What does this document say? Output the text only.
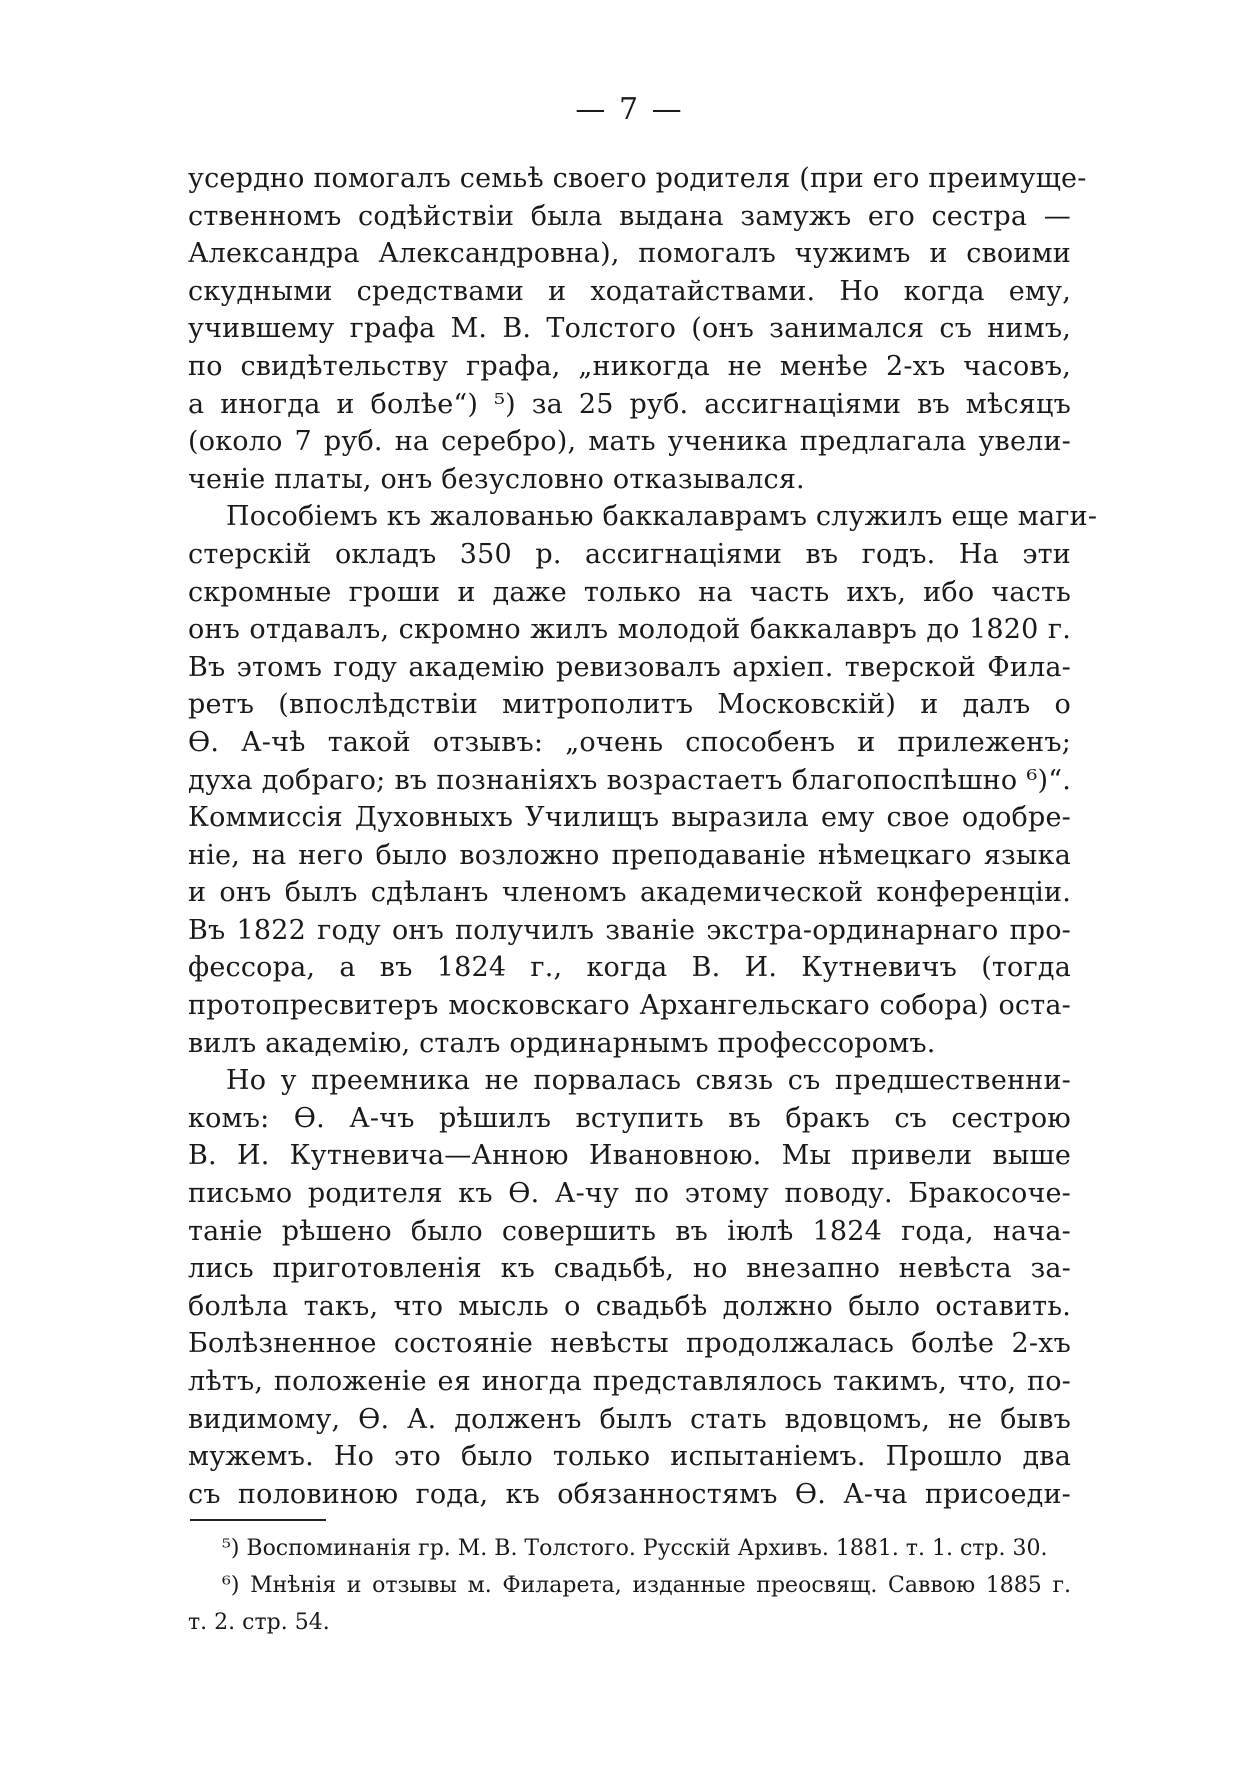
— 7 —
усердно помогалъ семьѣ своего родителя (при его преимуще-
ственномъ содѣйствіи была выдана замужъ его сестра —
Александра Александровна), помогалъ чужимъ и своими
скудными средствами и ходатайствами. Но когда ему,
учившему графа М. В. Толстого (онъ занимался съ нимъ,
по свидѣтельству графа, „никогда не менѣе 2-хъ часовъ,
а иногда и болѣе“) ⁵) за 25 руб. ассигнаціями въ мѣсяцъ
(около 7 руб. на серебро), мать ученика предлагала увели-
ченіе платы, онъ безусловно отказывался.
Пособіемъ къ жалованью баккалаврамъ служилъ еще маги-
стерскій окладъ 350 р. ассигнаціями въ годъ. На эти
скромные гроши и даже только на часть ихъ, ибо часть
онъ отдавалъ, скромно жилъ молодой баккалавръ до 1820 г.
Въ этомъ году академію ревизовалъ архіеп. тверской Фила-
ретъ (впослѣдствіи митрополитъ Московскій) и далъ о
Ѳ. А-чѣ такой отзывъ: „очень способенъ и прилеженъ;
духа добраго; въ познаніяхъ возрастаетъ благопоспѣшно ⁶)“.
Коммиссія Духовныхъ Училищъ выразила ему свое одобре-
ніе, на него было возложно преподаваніе нѣмецкаго языка
и онъ былъ сдѣланъ членомъ академической конференціи.
Въ 1822 году онъ получилъ званіе экстра-ординарнаго про-
фессора, а въ 1824 г., когда В. И. Кутневичъ (тогда
протопресвитеръ московскаго Архангельскаго собора) оста-
вилъ академію, сталъ ординарнымъ профессоромъ.
Но у преемника не порвалась связь съ предшественни-
комъ: Ѳ. А-чъ рѣшилъ вступить въ бракъ съ сестрою
В. И. Кутневича—Анною Ивановною. Мы привели выше
письмо родителя къ Ѳ. А-чу по этому поводу. Бракосоче-
таніе рѣшено было совершить въ іюлѣ 1824 года, нача-
лись приготовленія къ свадьбѣ, но внезапно невѣста за-
болѣла такъ, что мысль о свадьбѣ должно было оставить.
Болѣзненное состояніе невѣсты продолжалась болѣе 2-хъ
лѣтъ, положеніе ея иногда представлялось такимъ, что, по-
видимому, Ѳ. А. долженъ былъ стать вдовцомъ, не бывъ
мужемъ. Но это было только испытаніемъ. Прошло два
съ половиною года, къ обязанностямъ Ѳ. А-ча присоеди-
⁵) Воспоминанія гр. М. В. Толстого. Русскій Архивъ. 1881. т. 1. стр. 30.
⁶) Мнѣнія и отзывы м. Филарета, изданные преосвящ. Саввою 1885 г.
т. 2. стр. 54.
